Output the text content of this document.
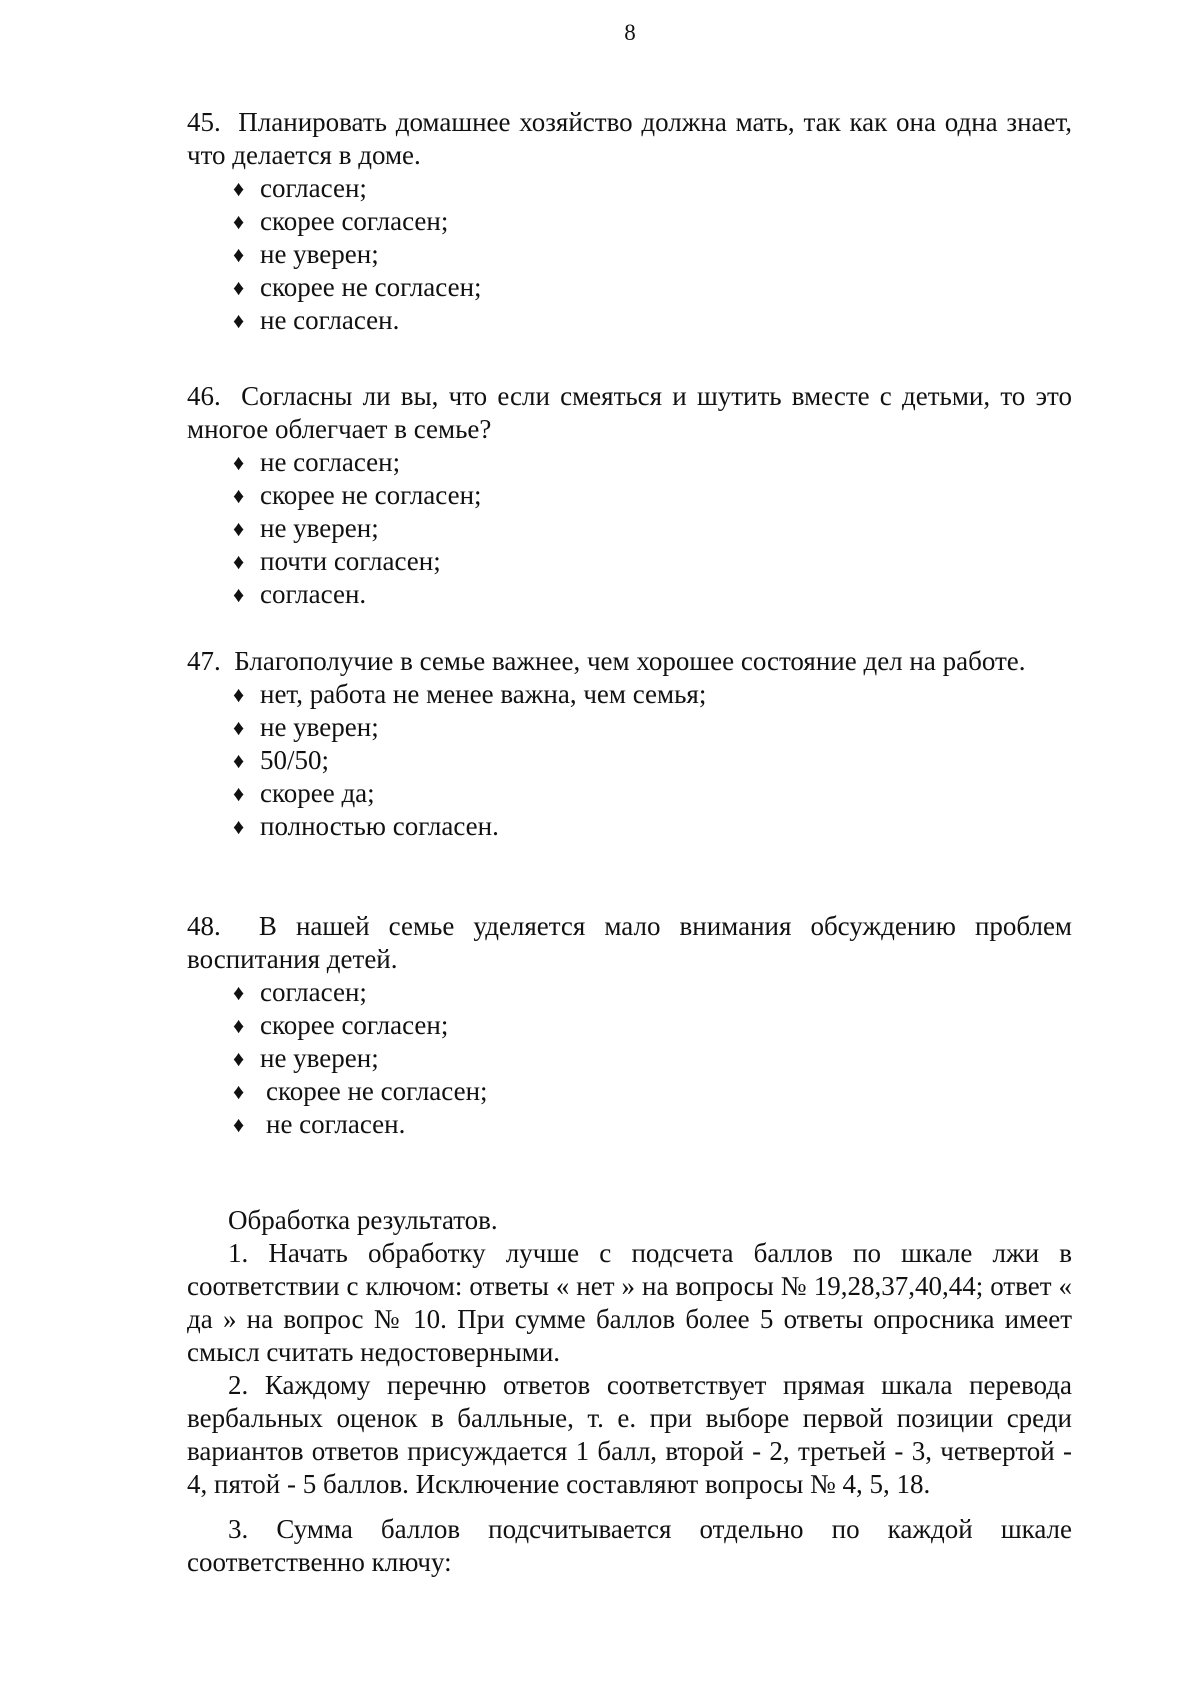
8
45. Планировать домашнее хозяйство должна мать, так как она одна знает, что делается в доме.
♦ согласен;
♦ скорее согласен;
♦ не уверен;
♦ скорее не согласен;
♦ не согласен.
46. Согласны ли вы, что если смеяться и шутить вместе с детьми, то это многое облегчает в семье?
♦ не согласен;
♦ скорее не согласен;
♦ не уверен;
♦ почти согласен;
♦ согласен.
47. Благополучие в семье важнее, чем хорошее состояние дел на работе.
♦ нет, работа не менее важна, чем семья;
♦ не уверен;
♦ 50/50;
♦ скорее да;
♦ полностью согласен.
48. В нашей семье уделяется мало внимания обсуждению проблем воспитания детей.
♦ согласен;
♦ скорее согласен;
♦ не уверен;
♦ скорее не согласен;
♦ не согласен.
Обработка результатов.

1. Начать обработку лучше с подсчета баллов по шкале лжи в соответствии с ключом: ответы « нет » на вопросы № 19,28,37,40,44; ответ « да » на вопрос № 10. При сумме баллов более 5 ответы опросника имеет смысл считать недостоверными.

2. Каждому перечню ответов соответствует прямая шкала перевода вербальных оценок в балльные, т. е. при выборе первой позиции среди вариантов ответов присуждается 1 балл, второй - 2, третьей - 3, четвертой - 4, пятой - 5 баллов. Исключение составляют вопросы № 4, 5, 18.

3. Сумма баллов подсчитывается отдельно по каждой шкале соответственно ключу:
